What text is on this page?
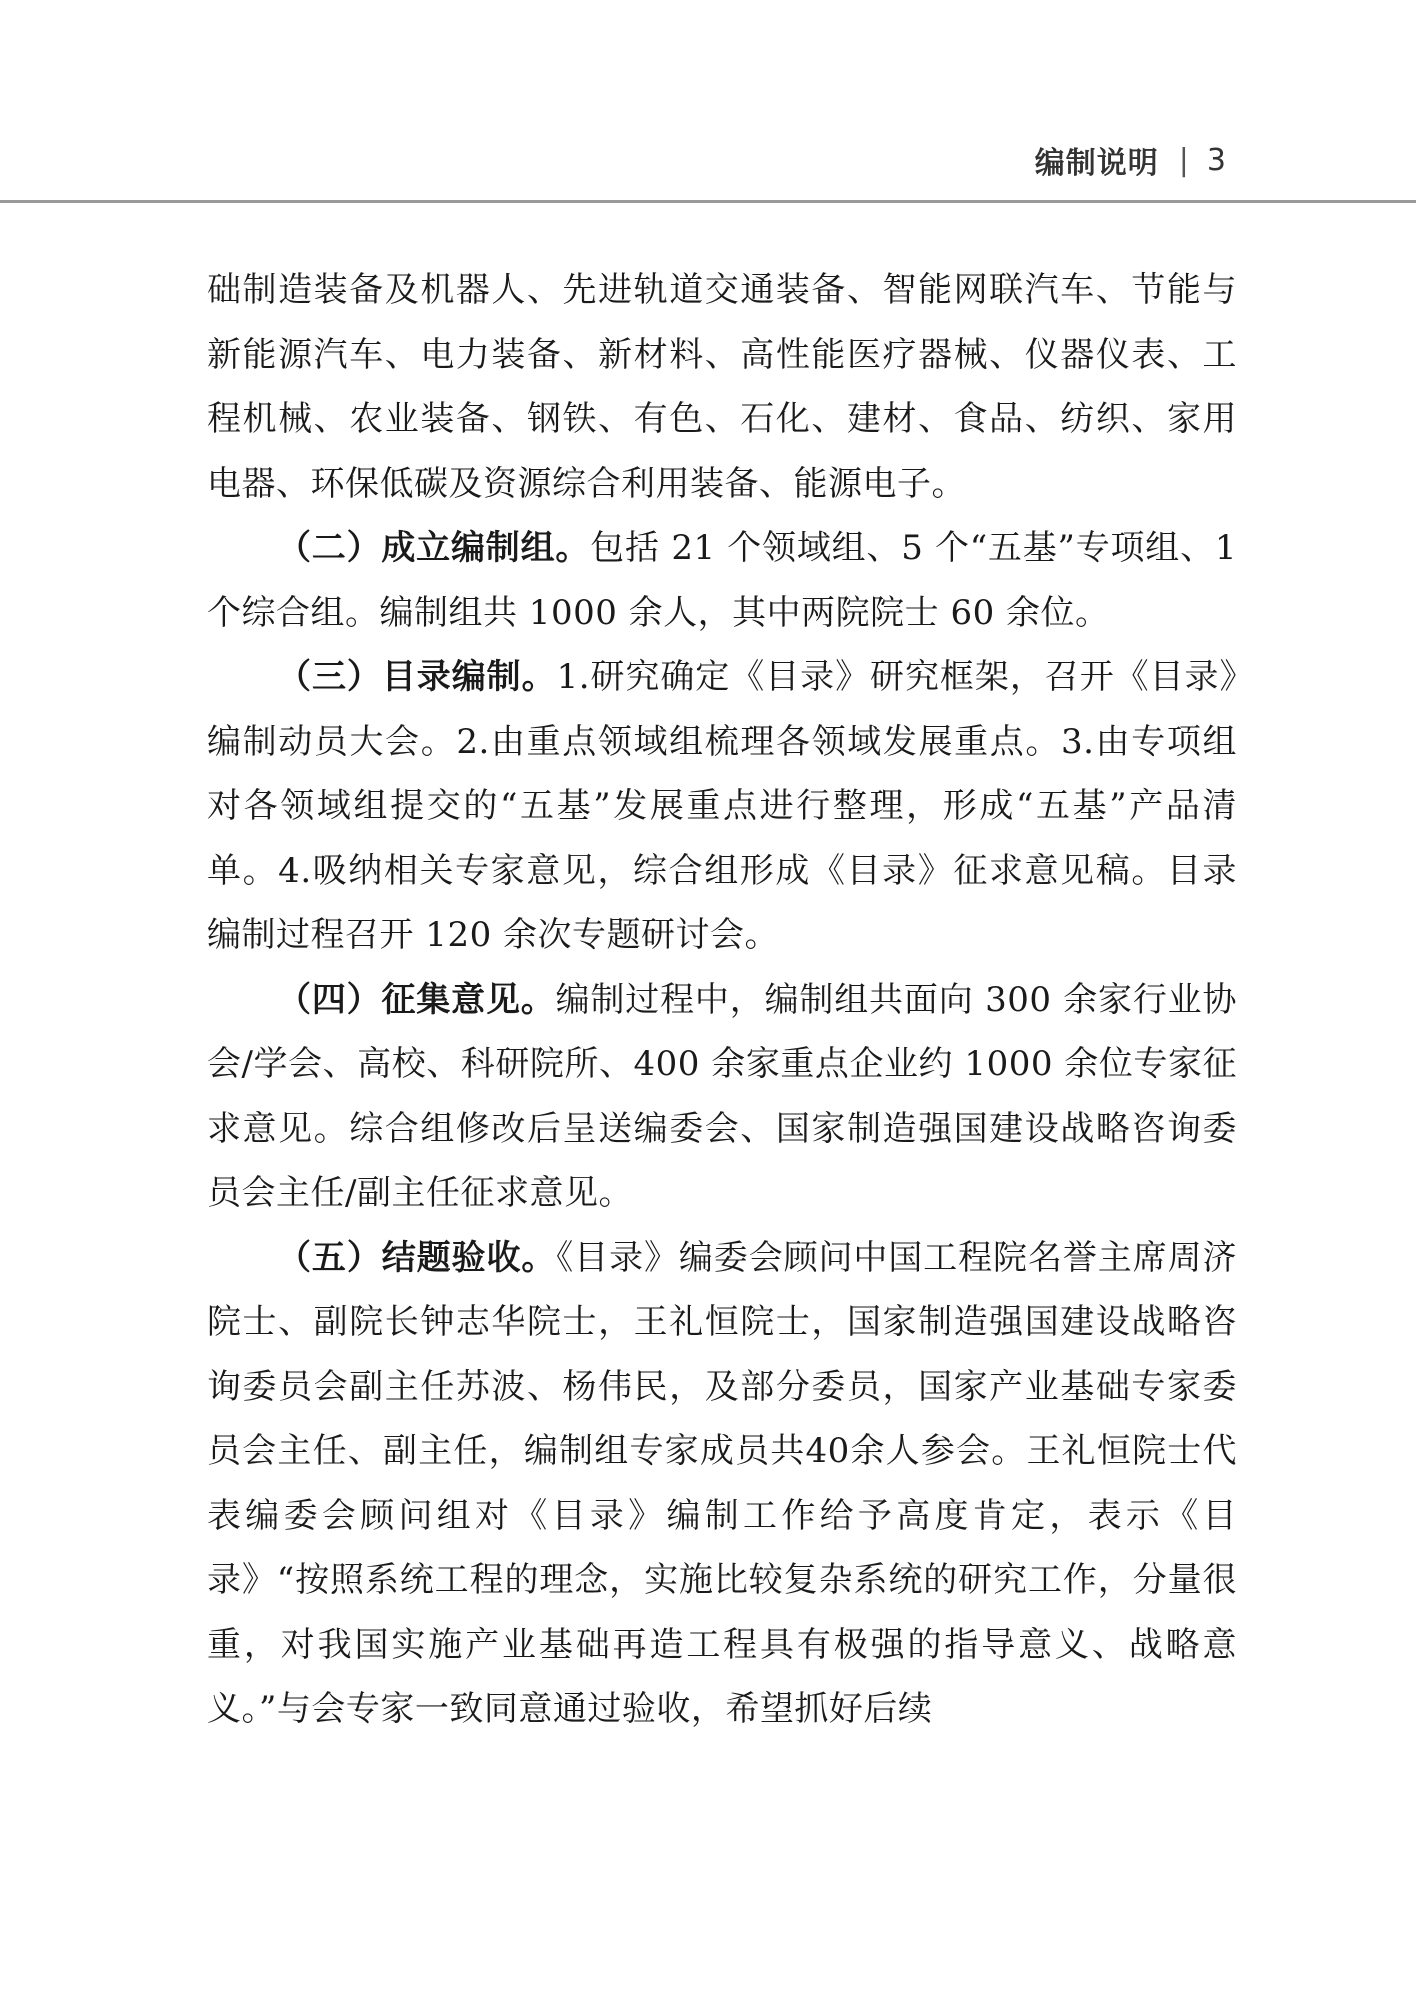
编制说明 | 3

础制造装备及机器人、先进轨道交通装备、智能网联汽车、节能与新能源汽车、电力装备、新材料、高性能医疗器械、仪器仪表、工程机械、农业装备、钢铁、有色、石化、建材、食品、纺织、家用电器、环保低碳及资源综合利用装备、能源电子。

（二）成立编制组。包括 21 个领域组、5 个“五基”专项组、1 个综合组。编制组共 1000 余人，其中两院院士 60 余位。

（三）目录编制。1.研究确定《目录》研究框架，召开《目录》编制动员大会。2.由重点领域组梳理各领域发展重点。3.由专项组对各领域组提交的“五基”发展重点进行整理，形成“五基”产品清单。4.吸纳相关专家意见，综合组形成《目录》征求意见稿。目录编制过程召开 120 余次专题研讨会。

（四）征集意见。编制过程中，编制组共面向 300 余家行业协会/学会、高校、科研院所、400 余家重点企业约 1000 余位专家征求意见。综合组修改后呈送编委会、国家制造强国建设战略咨询委员会主任/副主任征求意见。

（五）结题验收。《目录》编委会顾问中国工程院名誉主席周济院士、副院长钟志华院士，王礼恒院士，国家制造强国建设战略咨询委员会副主任苏波、杨伟民，及部分委员，国家产业基础专家委员会主任、副主任，编制组专家成员共40余人参会。王礼恒院士代表编委会顾问组对《目录》编制工作给予高度肯定，表示《目录》“按照系统工程的理念，实施比较复杂系统的研究工作，分量很重，对我国实施产业基础再造工程具有极强的指导意义、战略意义。”与会专家一致同意通过验收，希望抓好后续
